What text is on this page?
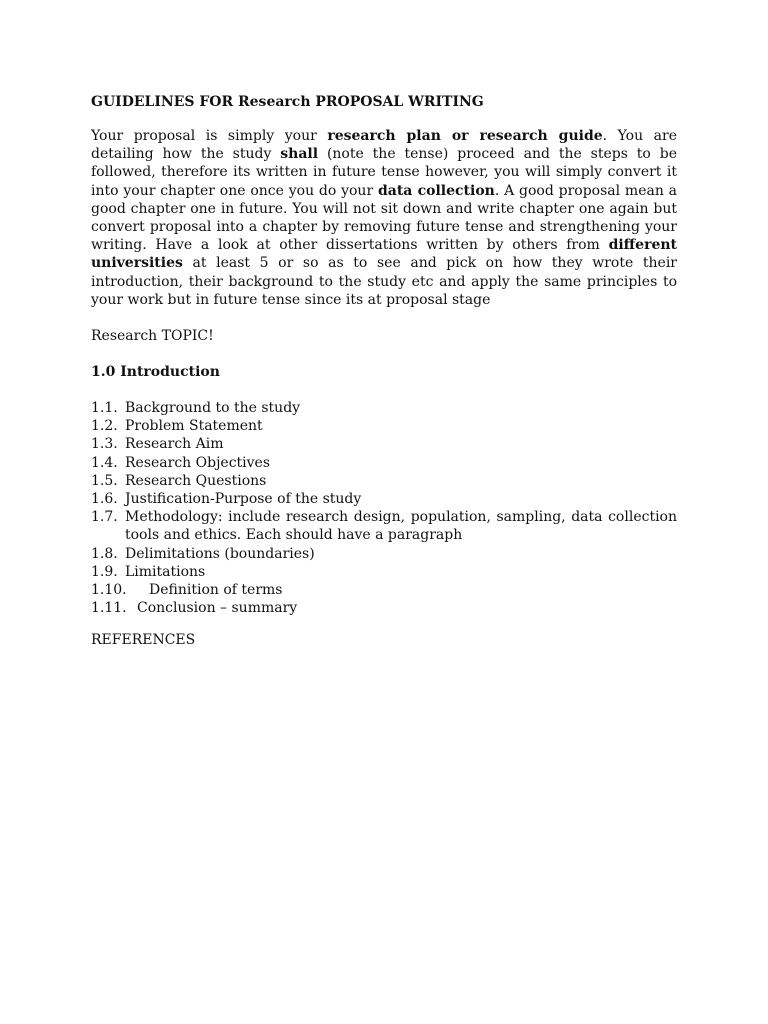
GUIDELINES FOR Research PROPOSAL WRITING

Your proposal is simply your research plan or research guide. You are detailing how the study shall (note the tense) proceed and the steps to be followed, therefore its written in future tense however, you will simply convert it into your chapter one once you do your data collection. A good proposal mean a good chapter one in future. You will not sit down and write chapter one again but convert proposal into a chapter by removing future tense and strengthening your writing. Have a look at other dissertations written by others from different universities at least 5 or so as to see and pick on how they wrote their introduction, their background to the study etc and apply the same principles to your work but in future tense since its at proposal stage

Research TOPIC!
1.0 Introduction
1.1. Background to the study
1.2. Problem Statement
1.3. Research Aim
1.4. Research Objectives
1.5. Research Questions
1.6. Justification-Purpose of the study
1.7. Methodology: include research design, population, sampling, data collection tools and ethics. Each should have a paragraph
1.8. Delimitations (boundaries)
1.9. Limitations
1.10.	Definition of terms
1.11. Conclusion – summary
REFERENCES
